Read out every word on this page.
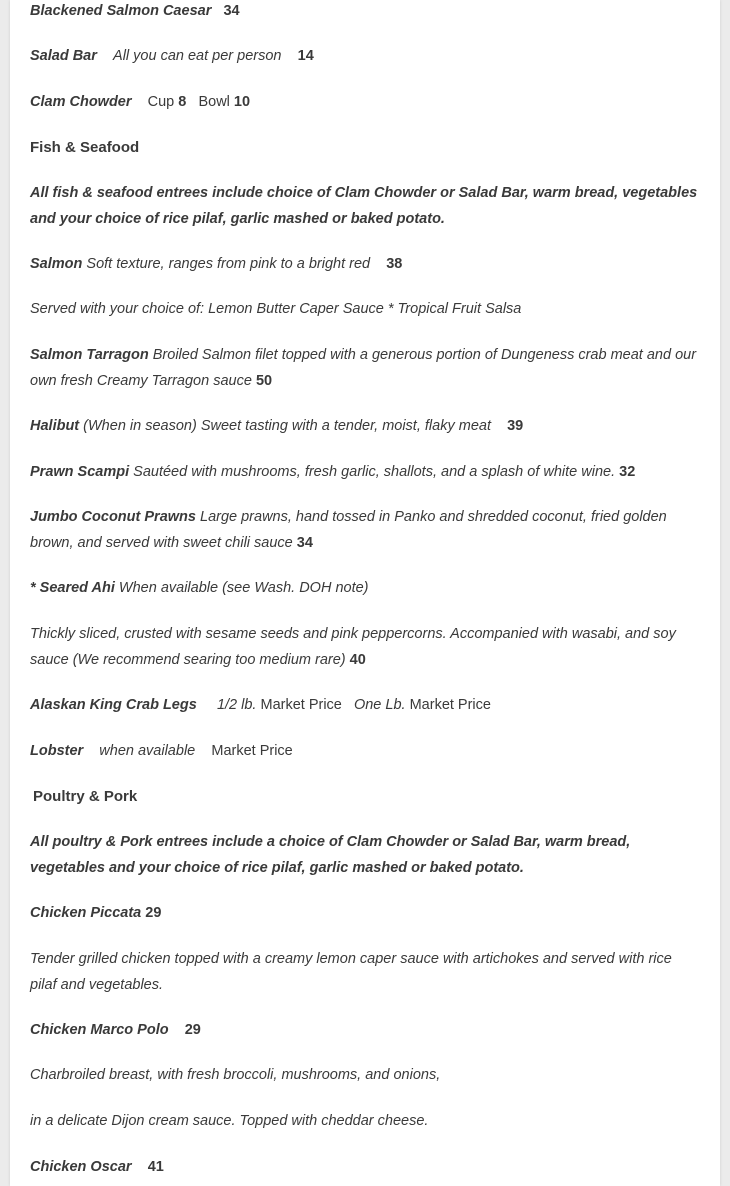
Blackened Salmon Caesar 34
Salad Bar All you can eat per person 14
Clam Chowder Cup 8 Bowl 10
Fish & Seafood
All fish & seafood entrees include choice of Clam Chowder or Salad Bar, warm bread, vegetables and your choice of rice pilaf, garlic mashed or baked potato.
Salmon Soft texture, ranges from pink to a bright red 38
Served with your choice of: Lemon Butter Caper Sauce * Tropical Fruit Salsa
Salmon Tarragon Broiled Salmon filet topped with a generous portion of Dungeness crab meat and our own fresh Creamy Tarragon sauce 50
Halibut (When in season) Sweet tasting with a tender, moist, flaky meat 39
Prawn Scampi Sautéed with mushrooms, fresh garlic, shallots, and a splash of white wine. 32
Jumbo Coconut Prawns Large prawns, hand tossed in Panko and shredded coconut, fried golden brown, and served with sweet chili sauce 34
* Seared Ahi When available (see Wash. DOH note)
Thickly sliced, crusted with sesame seeds and pink peppercorns. Accompanied with wasabi, and soy sauce (We recommend searing too medium rare) 40
Alaskan King Crab Legs 1/2 lb. Market Price One Lb. Market Price
Lobster when available Market Price
Poultry & Pork
All poultry & Pork entrees include a choice of Clam Chowder or Salad Bar, warm bread, vegetables and your choice of rice pilaf, garlic mashed or baked potato.
Chicken Piccata 29
Tender grilled chicken topped with a creamy lemon caper sauce with artichokes and served with rice pilaf and vegetables.
Chicken Marco Polo 29
Charbroiled breast, with fresh broccoli, mushrooms, and onions,
in a delicate Dijon cream sauce. Topped with cheddar cheese.
Chicken Oscar 41
